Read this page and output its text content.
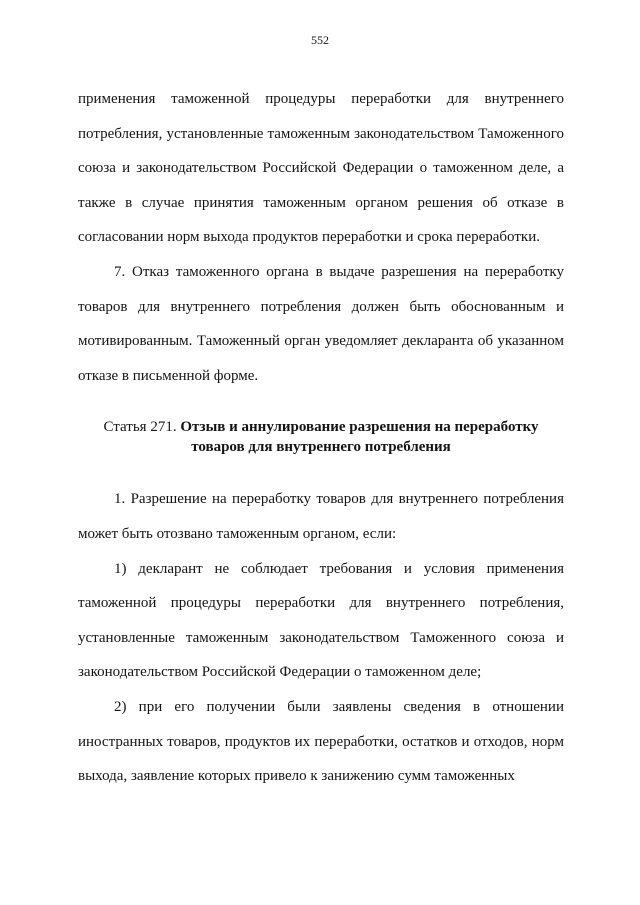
552

применения таможенной процедуры переработки для внутреннего потребления, установленные таможенным законодательством Таможенного союза и законодательством Российской Федерации о таможенном деле, а также в случае принятия таможенным органом решения об отказе в согласовании норм выхода продуктов переработки и срока переработки.

7. Отказ таможенного органа в выдаче разрешения на переработку товаров для внутреннего потребления должен быть обоснованным и мотивированным. Таможенный орган уведомляет декларанта об указанном отказе в письменной форме.

Статья 271. Отзыв и аннулирование разрешения на переработку товаров для внутреннего потребления

1. Разрешение на переработку товаров для внутреннего потребления может быть отозвано таможенным органом, если:

1) декларант не соблюдает требования и условия применения таможенной процедуры переработки для внутреннего потребления, установленные таможенным законодательством Таможенного союза и законодательством Российской Федерации о таможенном деле;

2) при его получении были заявлены сведения в отношении иностранных товаров, продуктов их переработки, остатков и отходов, норм выхода, заявление которых привело к занижению сумм таможенных
